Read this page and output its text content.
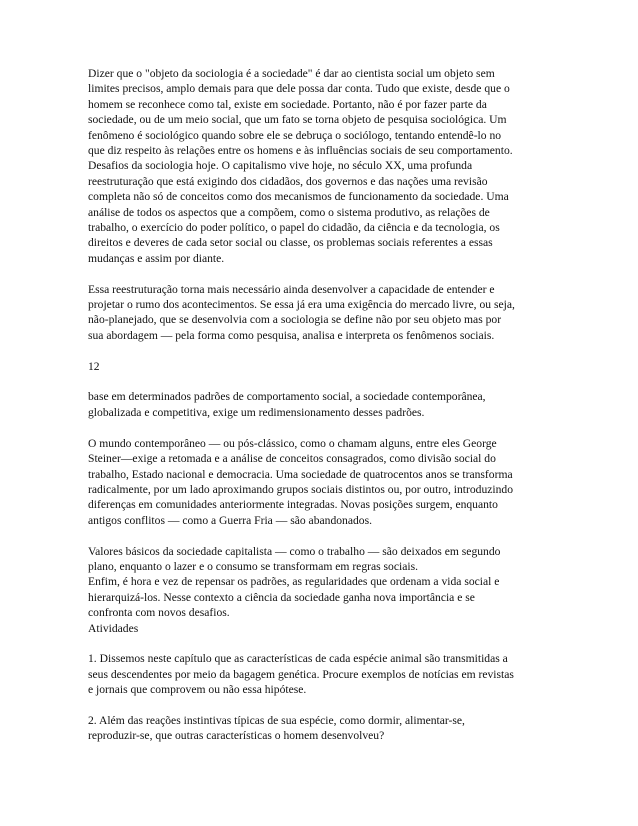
Dizer que o "objeto da sociologia é a sociedade" é dar ao cientista social um objeto sem

limites precisos, amplo demais para que dele possa dar conta. Tudo que existe, desde que o

homem se reconhece como tal, existe em sociedade. Portanto, não é por fazer parte da

sociedade, ou de um meio social, que um fato se torna objeto de pesquisa sociológica. Um

fenômeno é sociológico quando sobre ele se debruça o sociólogo, tentando entendê-lo no

que diz respeito às relações entre os homens e às influências sociais de seu comportamento.

Desafios da sociologia hoje. O capitalismo vive hoje, no século XX, uma profunda

reestruturação que está exigindo dos cidadãos, dos governos e das nações uma revisão

completa não só de conceitos como dos mecanismos de funcionamento da sociedade. Uma

análise de todos os aspectos que a compõem, como o sistema produtivo, as relações de

trabalho, o exercício do poder político, o papel do cidadão, da ciência e da tecnologia, os

direitos e deveres de cada setor social ou classe, os problemas sociais referentes a essas

mudanças e assim por diante.

Essa reestruturação torna mais necessário ainda desenvolver a capacidade de entender e

projetar o rumo dos acontecimentos. Se essa já era uma exigência do mercado livre, ou seja,

não-planejado, que se desenvolvia com a sociologia se define não por seu objeto mas por

sua abordagem — pela forma como pesquisa, analisa e interpreta os fenômenos sociais.

12

base em determinados padrões de comportamento social, a sociedade contemporânea,

globalizada e competitiva, exige um redimensionamento desses padrões.

O mundo contemporâneo — ou pós-clássico, como o chamam alguns, entre eles George

Steiner—exige a retomada e a análise de conceitos consagrados, como divisão social do

trabalho, Estado nacional e democracia. Uma sociedade de quatrocentos anos se transforma

radicalmente, por um lado aproximando grupos sociais distintos ou, por outro, introduzindo

diferenças em comunidades anteriormente integradas. Novas posições surgem, enquanto

antigos conflitos — como a Guerra Fria — são abandonados.

Valores básicos da sociedade capitalista — como o trabalho — são deixados em segundo

plano, enquanto o lazer e o consumo se transformam em regras sociais.

Enfim, é hora e vez de repensar os padrões, as regularidades que ordenam a vida social e

hierarquizá-los. Nesse contexto a ciência da sociedade ganha nova importância e se

confronta com novos desafios.

Atividades

1. Dissemos neste capítulo que as características de cada espécie animal são transmitidas a

seus descendentes por meio da bagagem genética. Procure exemplos de notícias em revistas

e jornais que comprovem ou não essa hipótese.

2. Além das reações instintivas típicas de sua espécie, como dormir, alimentar-se,

reproduzir-se, que outras características o homem desenvolveu?
